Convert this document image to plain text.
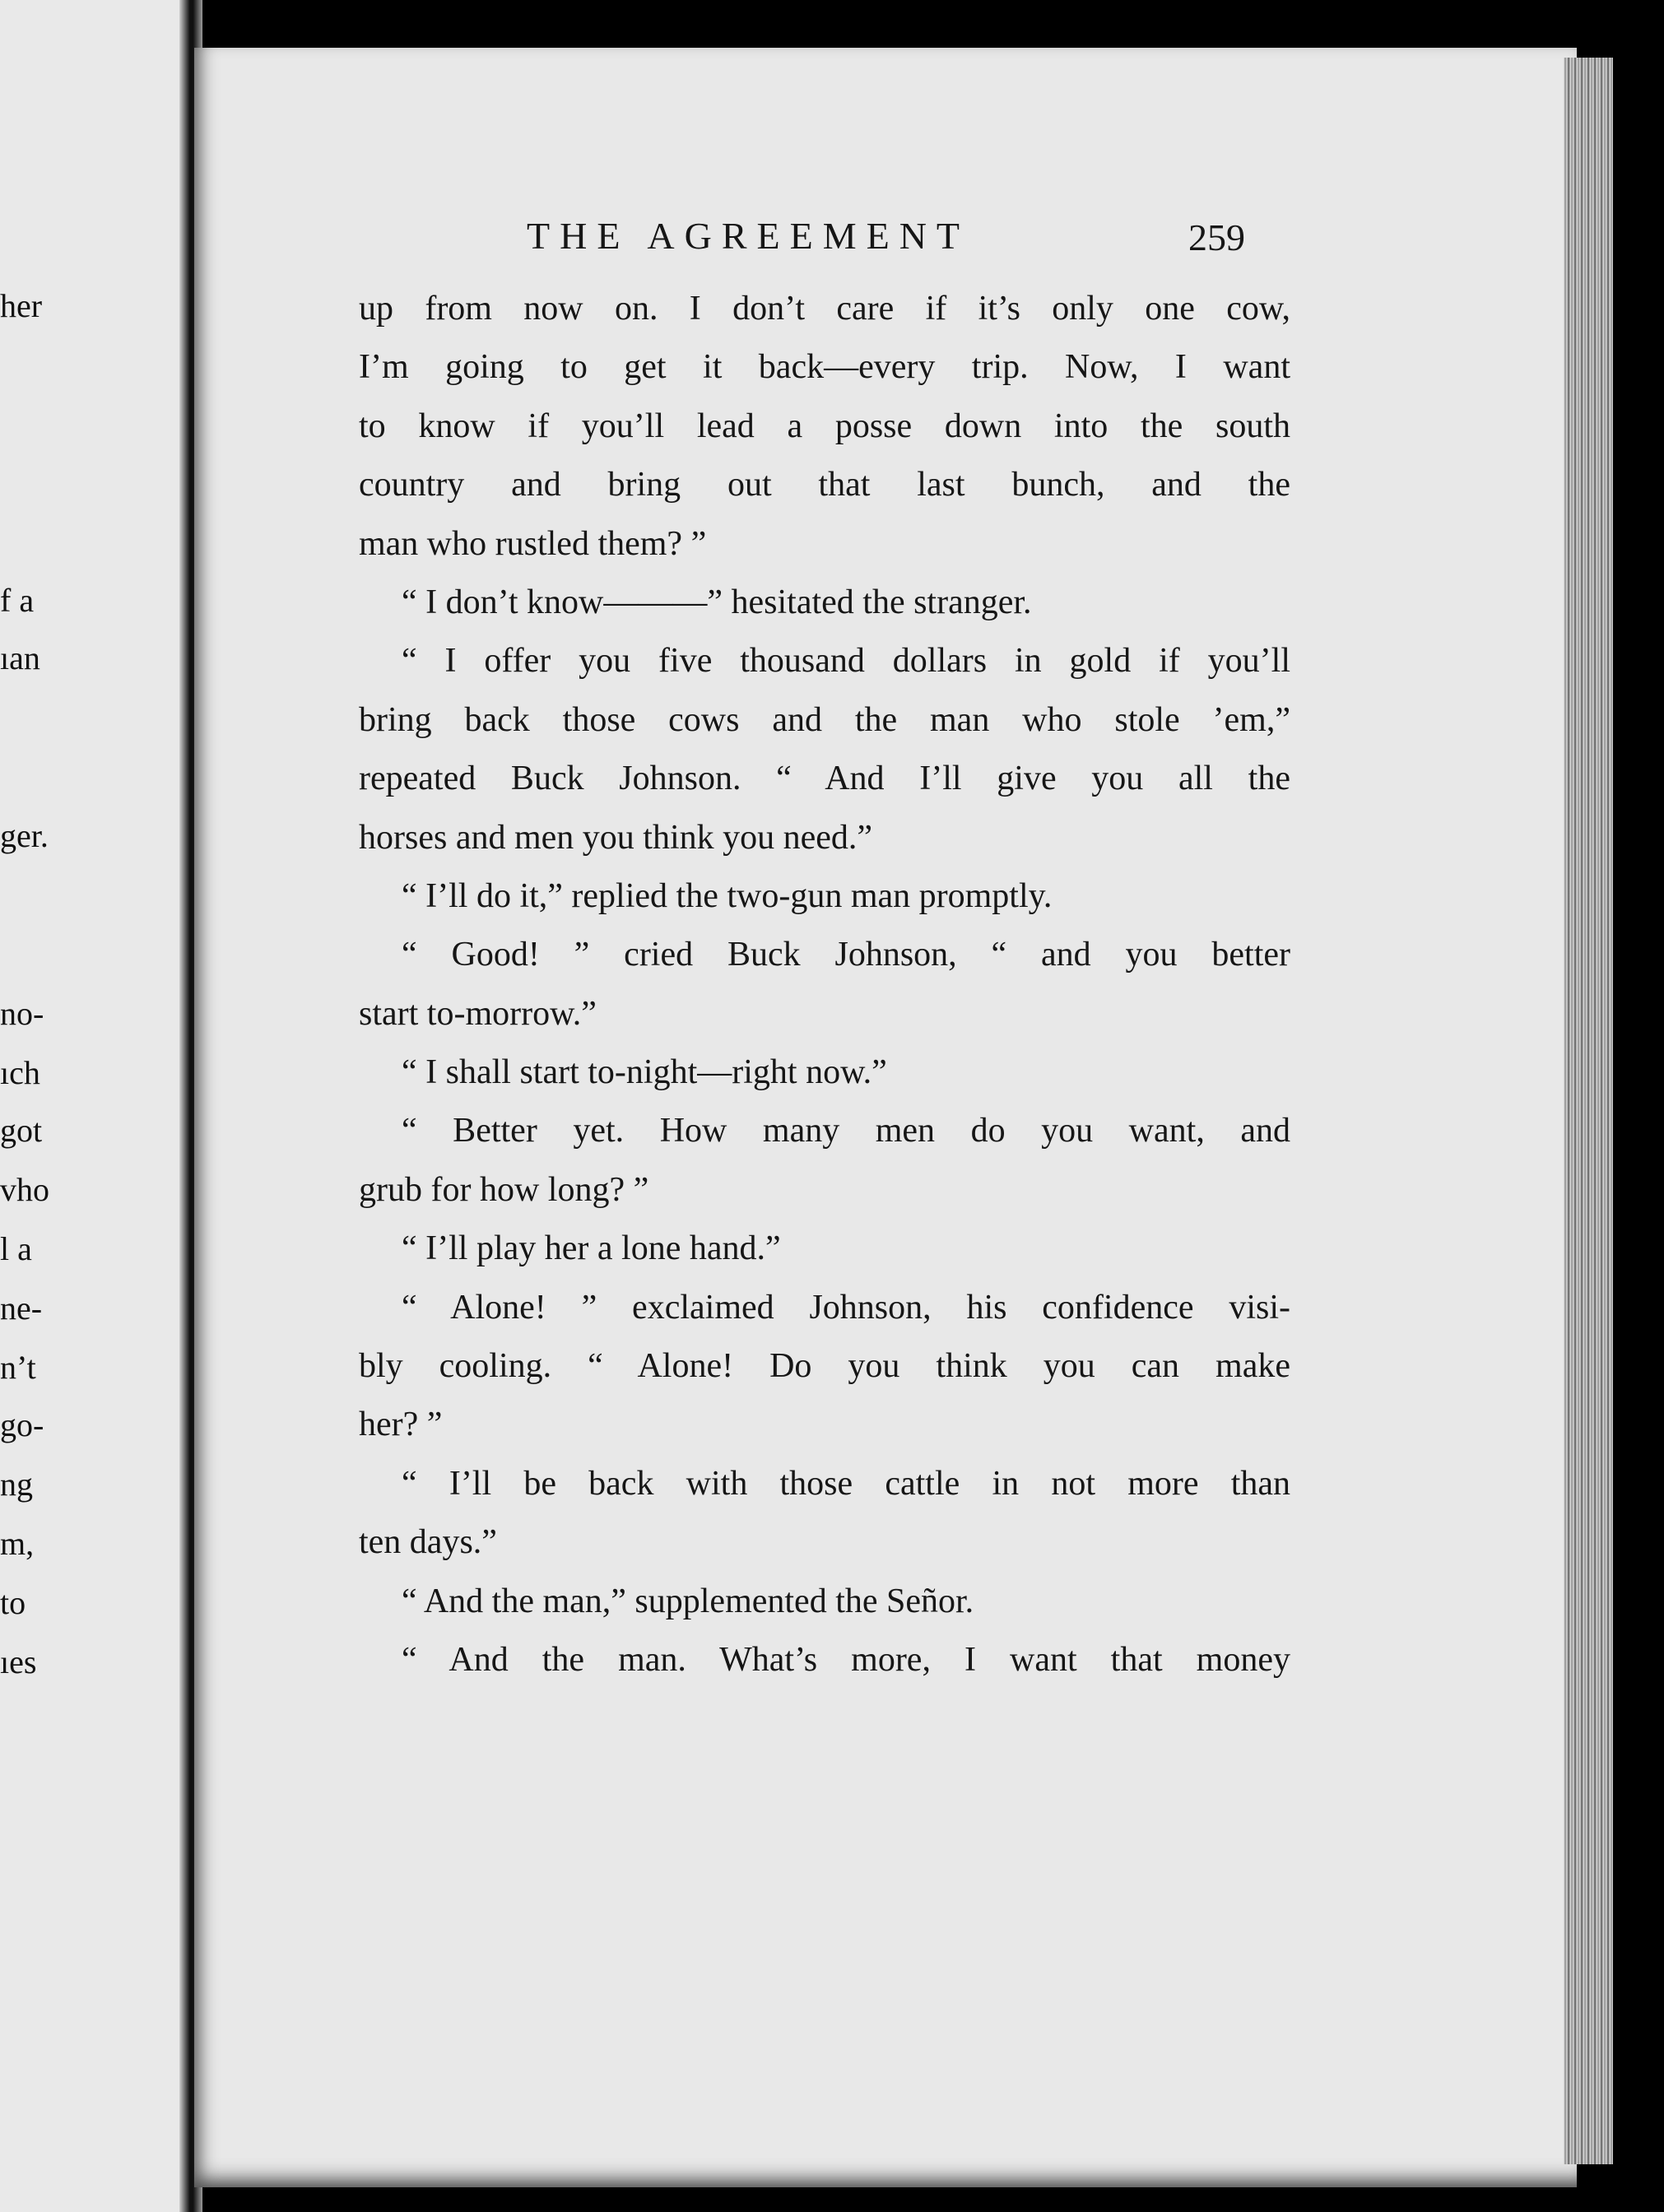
her
f a
ıan
ger.
no-
ıch
got
vho
l a
ne-
n’t
go-
ng
m,
to
ıes
THE AGREEMENT	259
up from now on. I don’t care if it’s only one cow,
I’m going to get it back—every trip. Now, I want
to know if you’ll lead a posse down into the south
country and bring out that last bunch, and the
man who rustled them? ”
“ I don’t know———” hesitated the stranger.
“ I offer you five thousand dollars in gold if you’ll
bring back those cows and the man who stole ’em,”
repeated Buck Johnson. “ And I’ll give you all the
horses and men you think you need.”
“ I’ll do it,” replied the two-gun man promptly.
“ Good! ” cried Buck Johnson, “ and you better
start to-morrow.”
“ I shall start to-night—right now.”
“ Better yet. How many men do you want, and
grub for how long? ”
“ I’ll play her a lone hand.”
“ Alone! ” exclaimed Johnson, his confidence visi-
bly cooling. “ Alone! Do you think you can make
her? ”
“ I’ll be back with those cattle in not more than
ten days.”
“ And the man,” supplemented the Señor.
“ And the man. What’s more, I want that money
